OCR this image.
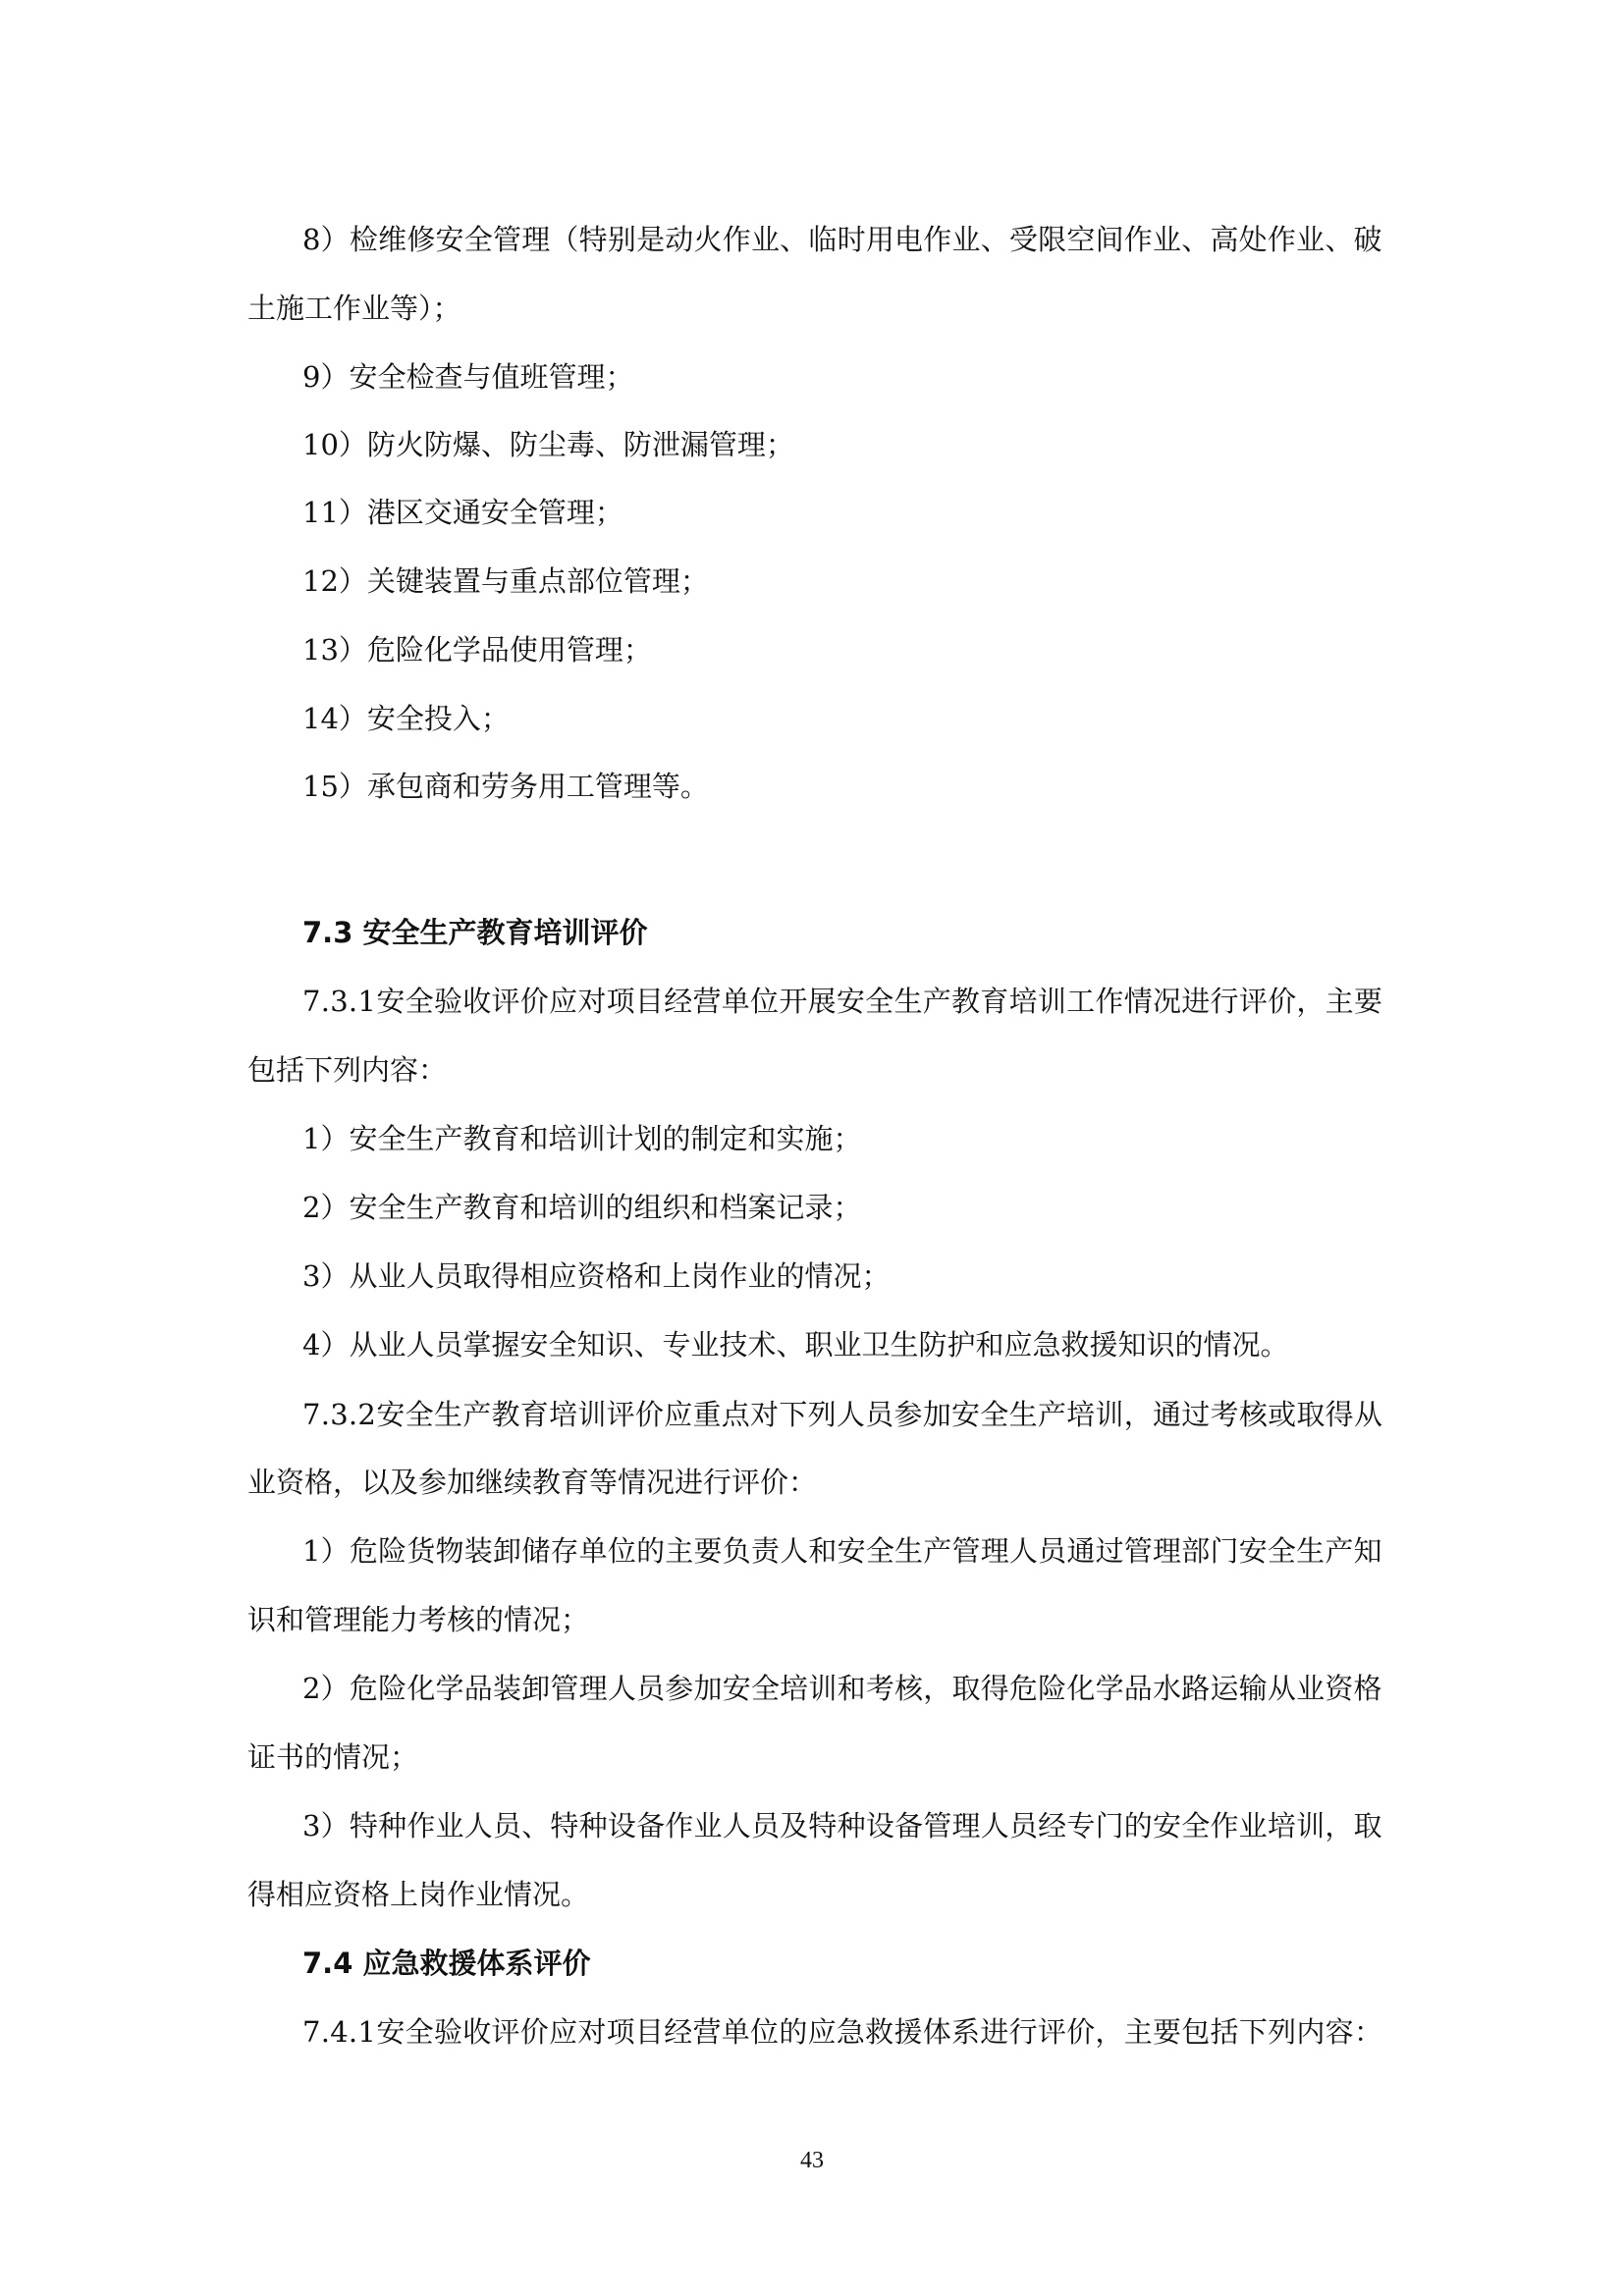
8 ） 检 维 修 安 全 管 理 （ 特 别 是 动 火 作 业 、 临 时 用 电 作 业 、 受 限 空 间 作 业 、 高 处 作 业 、 破
土施工作业等）；
9）安全检查与值班管理；
10）防火防爆、防尘毒、防泄漏管理；
11）港区交通安全管理；
12）关键装置与重点部位管理；
13）危险化学品使用管理；
14）安全投入；
15）承包商和劳务用工管理等。
7.3 安全生产教育培训评价
7 . 3 . 1 安 全 验 收 评 价 应 对 项 目 经 营 单 位 开 展 安 全 生 产 教 育 培 训 工 作 情 况 进 行 评 价 ， 主 要
包括下列内容：
1）安全生产教育和培训计划的制定和实施；
2）安全生产教育和培训的组织和档案记录；
3）从业人员取得相应资格和上岗作业的情况；
4）从业人员掌握安全知识、专业技术、职业卫生防护和应急救援知识的情况。
7 . 3 . 2 安 全 生 产 教 育 培 训 评 价 应 重 点 对 下 列 人 员 参 加 安 全 生 产 培 训 ， 通 过 考 核 或 取 得 从
业资格，以及参加继续教育等情况进行评价：
1 ） 危 险 货 物 装 卸 储 存 单 位 的 主 要 负 责 人 和 安 全 生 产 管 理 人 员 通 过 管 理 部 门 安 全 生 产 知
识和管理能力考核的情况；
2 ） 危 险 化 学 品 装 卸 管 理 人 员 参 加 安 全 培 训 和 考 核 ， 取 得 危 险 化 学 品 水 路 运 输 从 业 资 格
证书的情况；
3 ） 特 种 作 业 人 员 、 特 种 设 备 作 业 人 员 及 特 种 设 备 管 理 人 员 经 专 门 的 安 全 作 业 培 训 ， 取
得相应资格上岗作业情况。
7.4 应急救援体系评价
7 . 4 . 1 安 全 验 收 评 价 应 对 项 目 经 营 单 位 的 应 急 救 援 体 系 进 行 评 价 ， 主 要 包 括 下 列 内 容 ：
43
